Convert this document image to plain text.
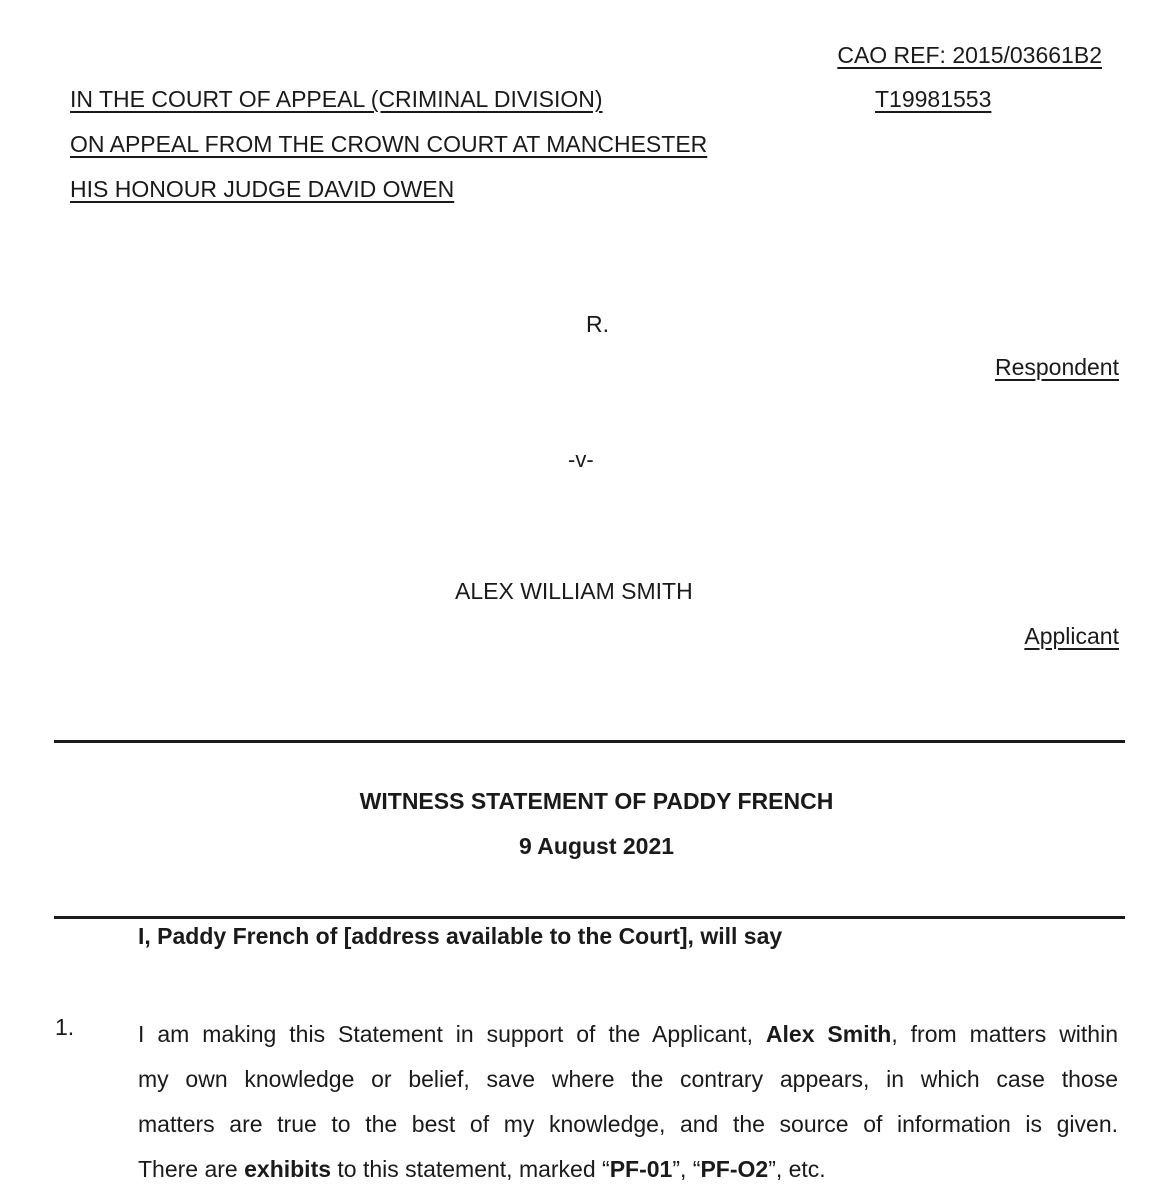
CAO REF: 2015/03661B2
T19981553
IN THE COURT OF APPEAL (CRIMINAL DIVISION)
ON APPEAL FROM THE CROWN COURT AT MANCHESTER
HIS HONOUR JUDGE DAVID OWEN
R.
Respondent
-v-
ALEX WILLIAM SMITH
Applicant
WITNESS STATEMENT OF PADDY FRENCH
9 August 2021
I, Paddy French of [address available to the Court], will say
1.	I am making this Statement in support of the Applicant, Alex Smith, from matters within
my own knowledge or belief, save where the contrary appears, in which case those
matters are true to the best of my knowledge, and the source of information is given.
There are exhibits to this statement, marked “PF-01”, “PF-O2”, etc.
